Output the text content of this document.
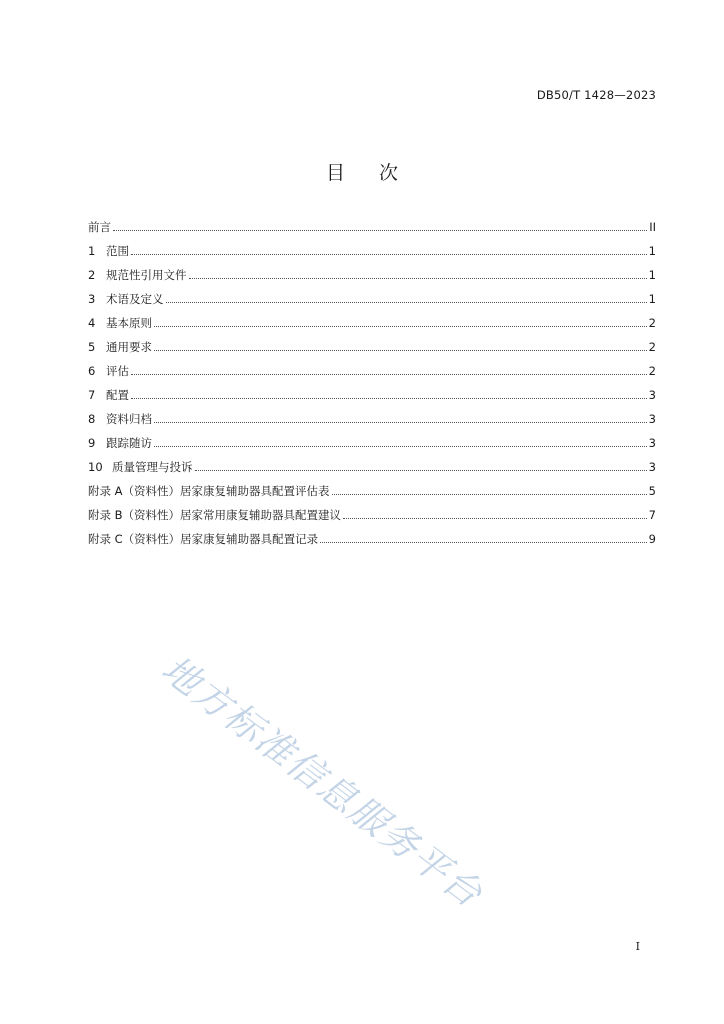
DB50/T 1428—2023
目 次
前言	II
1 范围	1
2 规范性引用文件	1
3 术语及定义	1
4 基本原则	2
5 通用要求	2
6 评估	2
7 配置	3
8 资料归档	3
9 跟踪随访	3
10 质量管理与投诉	3
附录 A（资料性）居家康复辅助器具配置评估表	5
附录 B（资料性）居家常用康复辅助器具配置建议	7
附录 C（资料性）居家康复辅助器具配置记录	9
地方标准信息服务平台
I
